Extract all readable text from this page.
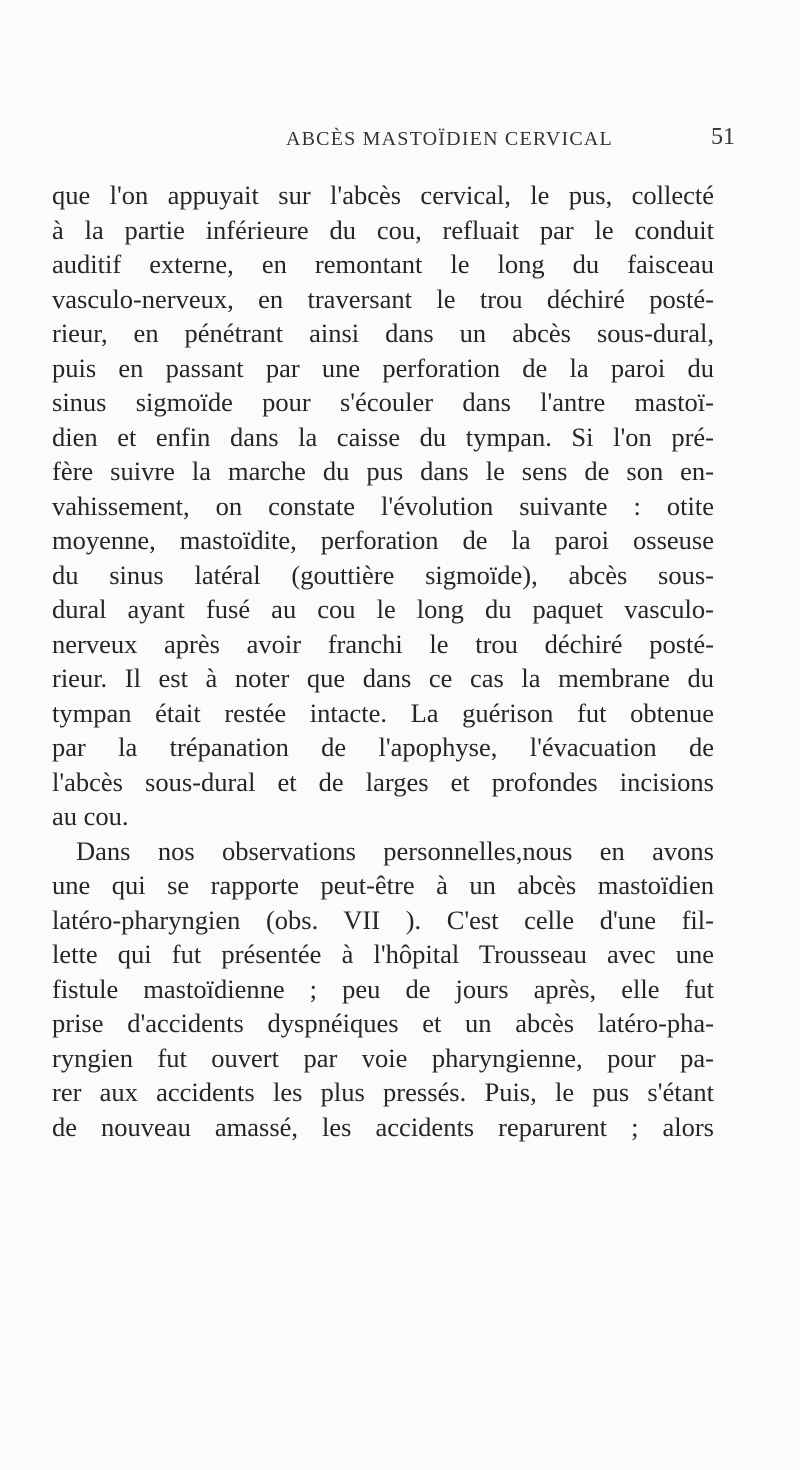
ABCÈS MASTOÏDIEN CERVICAL	51
que l'on appuyait sur l'abcès cervical, le pus, collecté
à la partie inférieure du cou, refluait par le conduit
auditif externe, en remontant le long du faisceau
vasculo-nerveux, en traversant le trou déchiré posté-
rieur, en pénétrant ainsi dans un abcès sous-dural,
puis en passant par une perforation de la paroi du
sinus sigmoïde pour s'écouler dans l'antre mastoï-
dien et enfin dans la caisse du tympan. Si l'on pré-
fère suivre la marche du pus dans le sens de son en-
vahissement, on constate l'évolution suivante : otite
moyenne, mastoïdite, perforation de la paroi osseuse
du sinus latéral (gouttière sigmoïde), abcès sous-
dural ayant fusé au cou le long du paquet vasculo-
nerveux après avoir franchi le trou déchiré posté-
rieur. Il est à noter que dans ce cas la membrane du
tympan était restée intacte. La guérison fut obtenue
par la trépanation de l'apophyse, l'évacuation de
l'abcès sous-dural et de larges et profondes incisions
au cou.
Dans nos observations personnelles,nous en avons
une qui se rapporte peut-être à un abcès mastoïdien
latéro-pharyngien (obs. VII ). C'est celle d'une fil-
lette qui fut présentée à l'hôpital Trousseau avec une
fistule mastoïdienne ; peu de jours après, elle fut
prise d'accidents dyspnéiques et un abcès latéro-pha-
ryngien fut ouvert par voie pharyngienne, pour pa-
rer aux accidents les plus pressés. Puis, le pus s'étant
de nouveau amassé, les accidents reparurent ; alors
